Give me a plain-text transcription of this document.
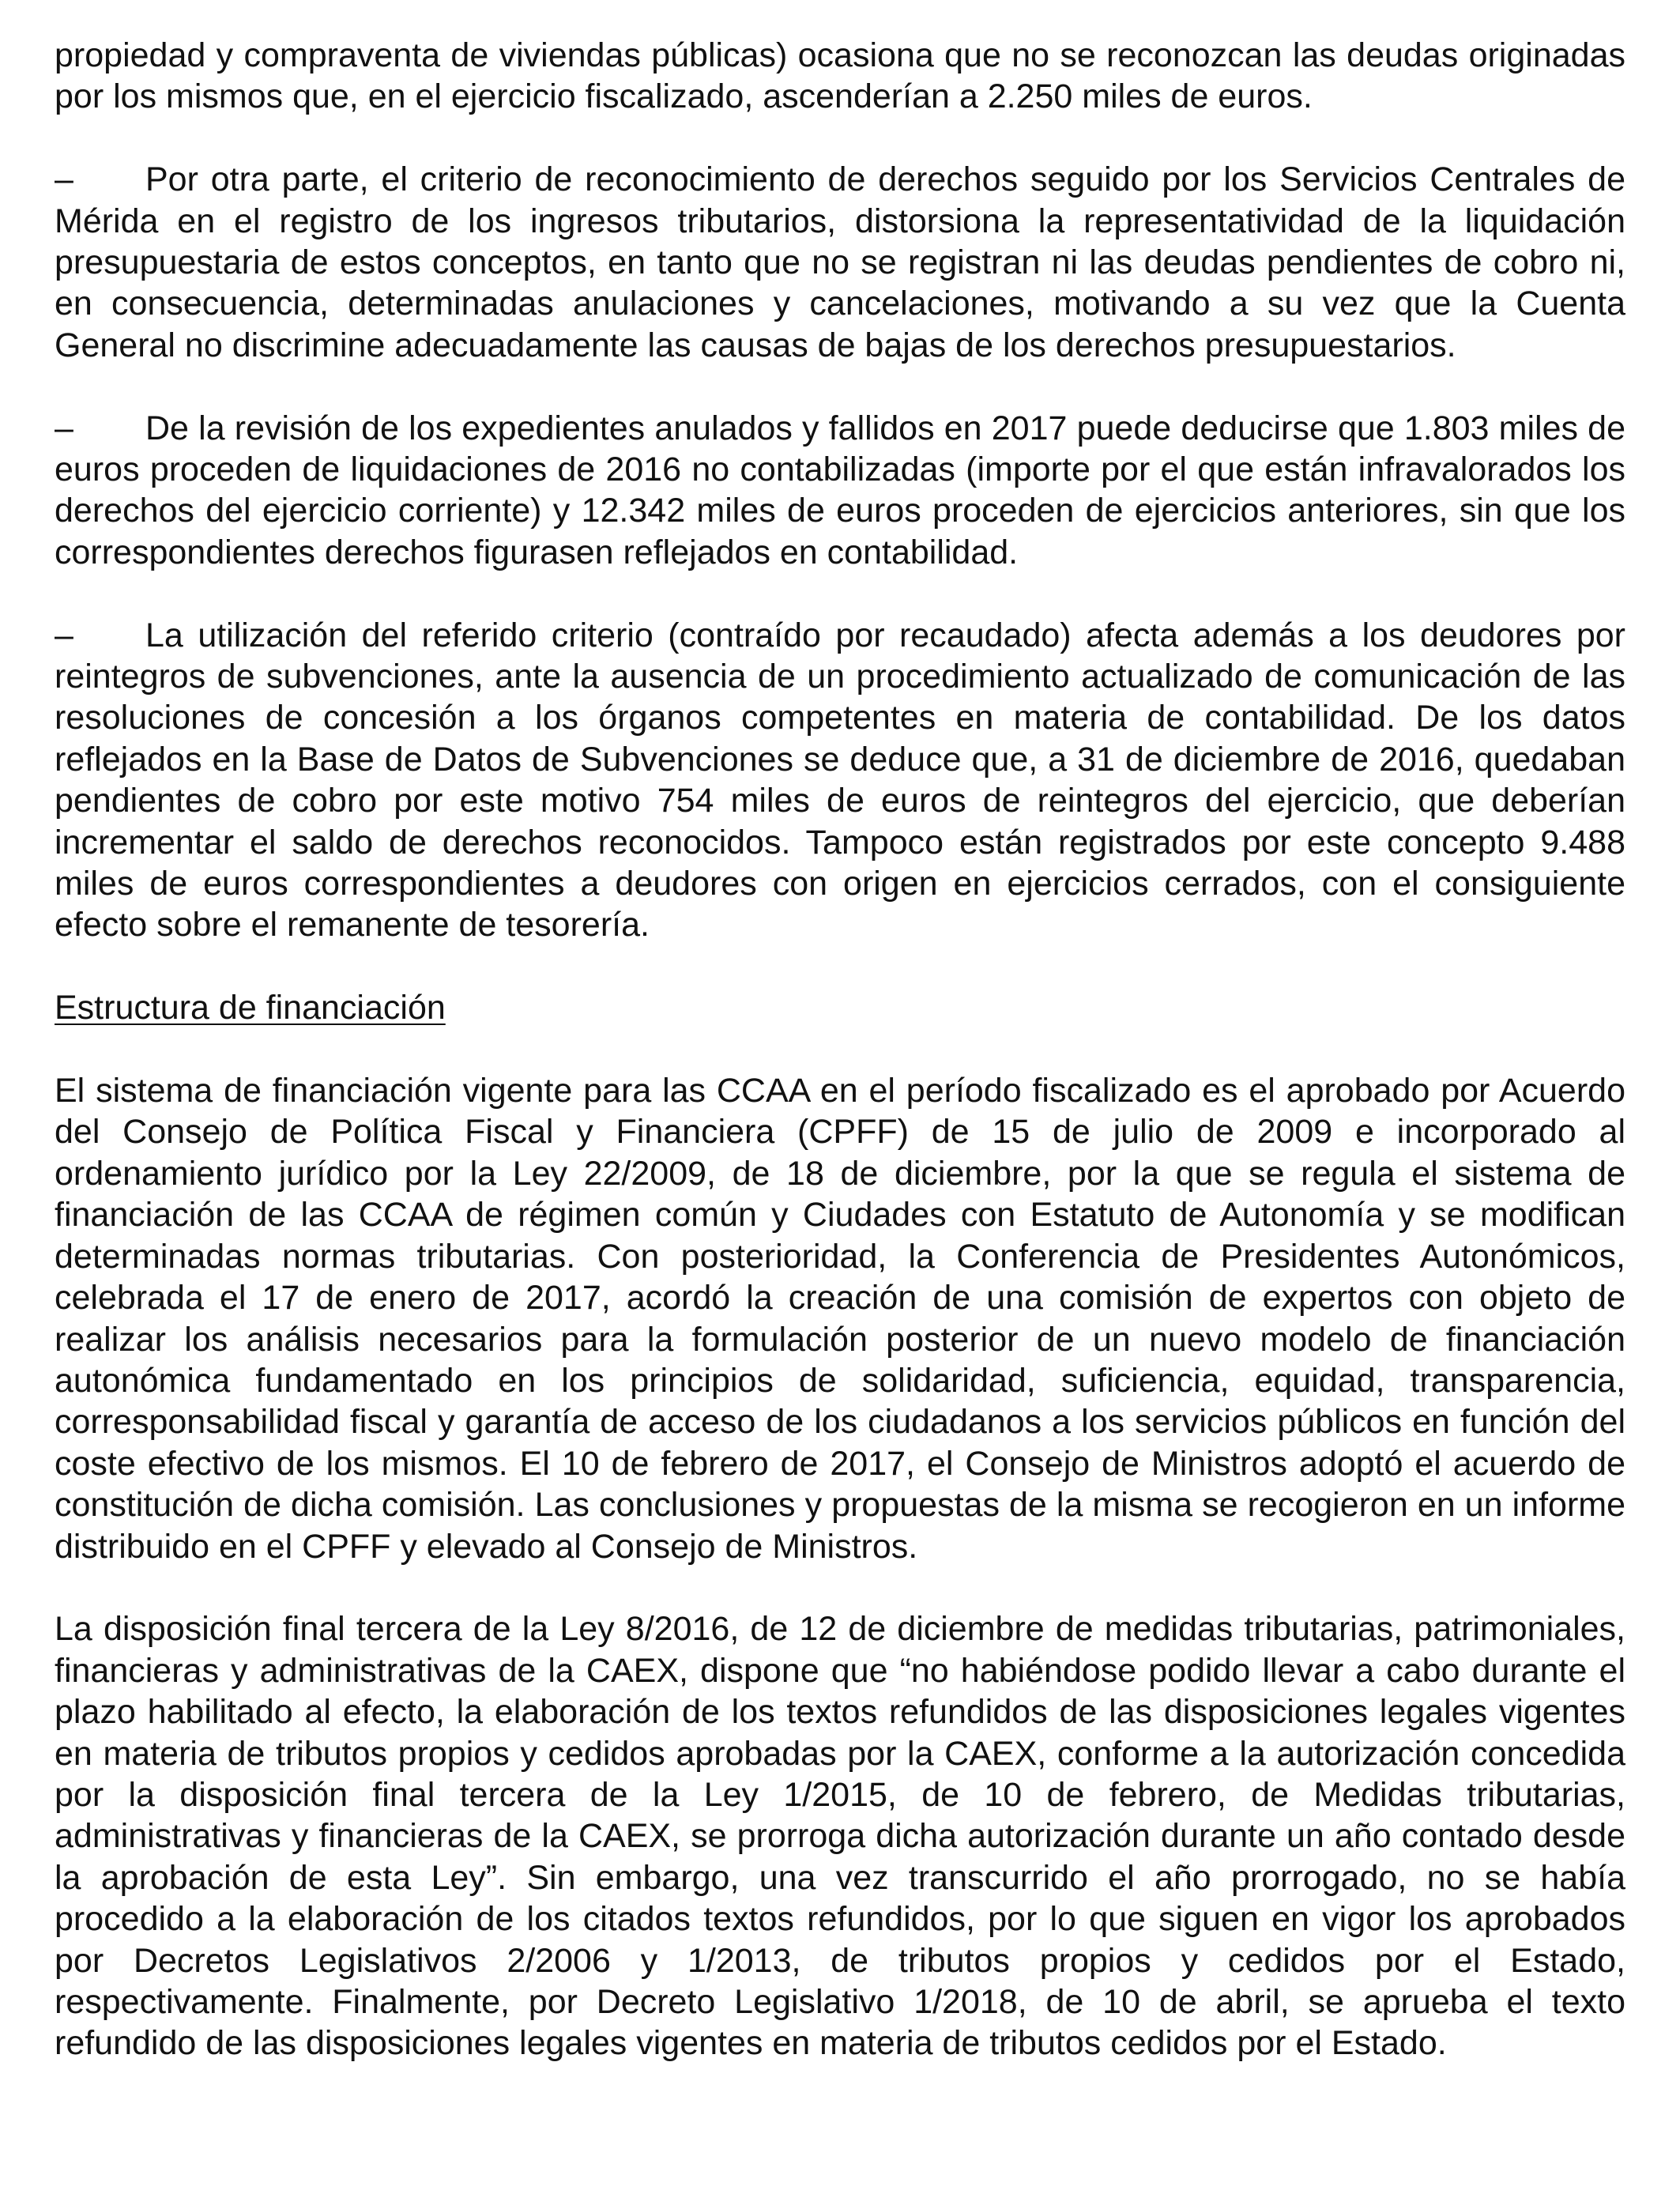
propiedad y compraventa de viviendas públicas) ocasiona que no se reconozcan las deudas originadas por los mismos que, en el ejercicio fiscalizado, ascenderían a 2.250 miles de euros.

– Por otra parte, el criterio de reconocimiento de derechos seguido por los Servicios Centrales de Mérida en el registro de los ingresos tributarios, distorsiona la representatividad de la liquidación presupuestaria de estos conceptos, en tanto que no se registran ni las deudas pendientes de cobro ni, en consecuencia, determinadas anulaciones y cancelaciones, motivando a su vez que la Cuenta General no discrimine adecuadamente las causas de bajas de los derechos presupuestarios.

– De la revisión de los expedientes anulados y fallidos en 2017 puede deducirse que 1.803 miles de euros proceden de liquidaciones de 2016 no contabilizadas (importe por el que están infravalorados los derechos del ejercicio corriente) y 12.342 miles de euros proceden de ejercicios anteriores, sin que los correspondientes derechos figurasen reflejados en contabilidad.

– La utilización del referido criterio (contraído por recaudado) afecta además a los deudores por reintegros de subvenciones, ante la ausencia de un procedimiento actualizado de comunicación de las resoluciones de concesión a los órganos competentes en materia de contabilidad. De los datos reflejados en la Base de Datos de Subvenciones se deduce que, a 31 de diciembre de 2016, quedaban pendientes de cobro por este motivo 754 miles de euros de reintegros del ejercicio, que deberían incrementar el saldo de derechos reconocidos. Tampoco están registrados por este concepto 9.488 miles de euros correspondientes a deudores con origen en ejercicios cerrados, con el consiguiente efecto sobre el remanente de tesorería.

Estructura de financiación

El sistema de financiación vigente para las CCAA en el período fiscalizado es el aprobado por Acuerdo del Consejo de Política Fiscal y Financiera (CPFF) de 15 de julio de 2009 e incorporado al ordenamiento jurídico por la Ley 22/2009, de 18 de diciembre, por la que se regula el sistema de financiación de las CCAA de régimen común y Ciudades con Estatuto de Autonomía y se modifican determinadas normas tributarias. Con posterioridad, la Conferencia de Presidentes Autonómicos, celebrada el 17 de enero de 2017, acordó la creación de una comisión de expertos con objeto de realizar los análisis necesarios para la formulación posterior de un nuevo modelo de financiación autonómica fundamentado en los principios de solidaridad, suficiencia, equidad, transparencia, corresponsabilidad fiscal y garantía de acceso de los ciudadanos a los servicios públicos en función del coste efectivo de los mismos. El 10 de febrero de 2017, el Consejo de Ministros adoptó el acuerdo de constitución de dicha comisión. Las conclusiones y propuestas de la misma se recogieron en un informe distribuido en el CPFF y elevado al Consejo de Ministros.

La disposición final tercera de la Ley 8/2016, de 12 de diciembre de medidas tributarias, patrimoniales, financieras y administrativas de la CAEX, dispone que “no habiéndose podido llevar a cabo durante el plazo habilitado al efecto, la elaboración de los textos refundidos de las disposiciones legales vigentes en materia de tributos propios y cedidos aprobadas por la CAEX, conforme a la autorización concedida por la disposición final tercera de la Ley 1/2015, de 10 de febrero, de Medidas tributarias, administrativas y financieras de la CAEX, se prorroga dicha autorización durante un año contado desde la aprobación de esta Ley”. Sin embargo, una vez transcurrido el año prorrogado, no se había procedido a la elaboración de los citados textos refundidos, por lo que siguen en vigor los aprobados por Decretos Legislativos 2/2006 y 1/2013, de tributos propios y cedidos por el Estado, respectivamente. Finalmente, por Decreto Legislativo 1/2018, de 10 de abril, se aprueba el texto refundido de las disposiciones legales vigentes en materia de tributos cedidos por el Estado.
